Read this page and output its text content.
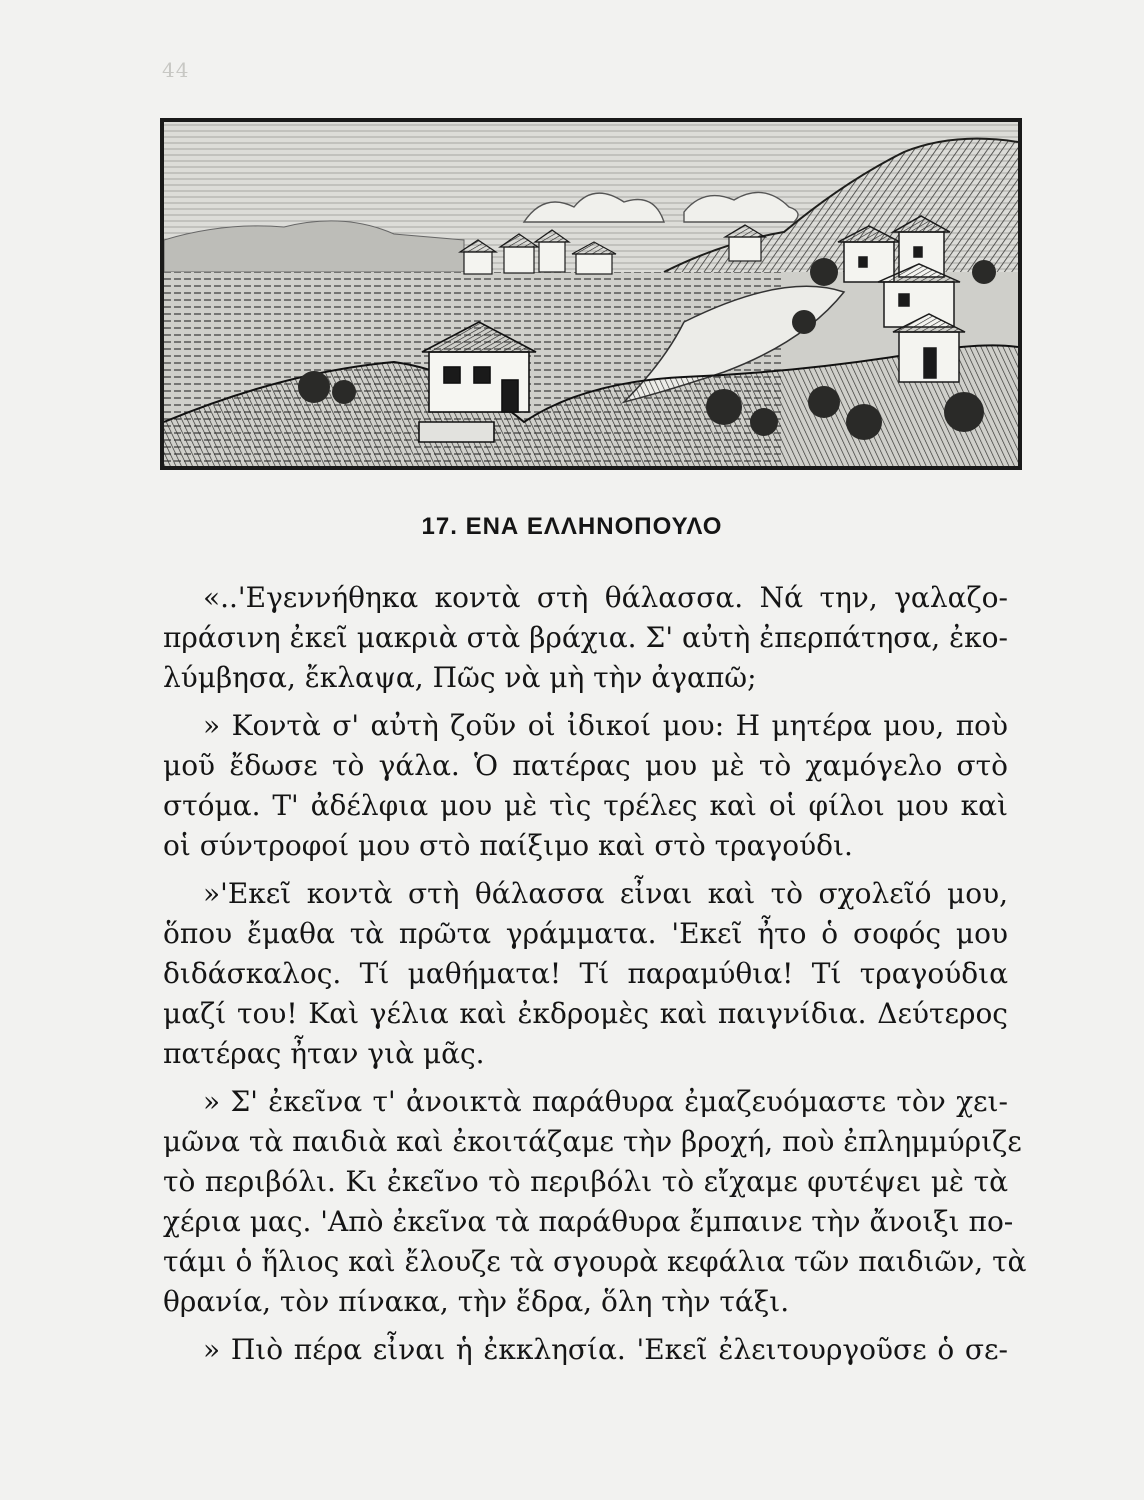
44
17. ΕΝΑ ΕΛΛΗΝΟΠΟΥΛΟ
«..'Εγεννήθηκα κοντὰ στὴ θάλασσα. Νά την, γαλαζο-
πράσινη ἐκεῖ μακριὰ στὰ βράχια. Σ' αὐτὴ ἐπερπάτησα, ἐκο-
λύμβησα, ἔκλαψα, Πῶς νὰ μὴ τὴν ἀγαπῶ;
» Κοντὰ σ' αὐτὴ ζοῦν οἱ ἰδικοί μου: Η μητέρα μου, ποὺ
μοῦ ἔδωσε τὸ γάλα. Ὁ πατέρας μου μὲ τὸ χαμόγελο στὸ
στόμα. Τ' ἀδέλφια μου μὲ τὶς τρέλες καὶ οἱ φίλοι μου καὶ
οἱ σύντροφοί μου στὸ παίξιμο καὶ στὸ τραγούδι.
»'Εκεῖ κοντὰ στὴ θάλασσα εἶναι καὶ τὸ σχολεῖό μου,
ὅπου ἔμαθα τὰ πρῶτα γράμματα. 'Εκεῖ ἦτο ὁ σοφός μου
διδάσκαλος. Τί μαθήματα! Τί παραμύθια! Τί τραγούδια
μαζί του! Καὶ γέλια καὶ ἐκδρομὲς καὶ παιγνίδια. Δεύτερος
πατέρας ἦταν γιὰ μᾶς.
» Σ' ἐκεῖνα τ' ἀνοικτὰ παράθυρα ἐμαζευόμαστε τὸν χει-
μῶνα τὰ παιδιὰ καὶ ἐκοιτάζαμε τὴν βροχή, ποὺ ἐπλημμύριζε
τὸ περιβόλι. Κι ἐκεῖνο τὸ περιβόλι τὸ εἴχαμε φυτέψει μὲ τὰ
χέρια μας. 'Απὸ ἐκεῖνα τὰ παράθυρα ἔμπαινε τὴν ἄνοιξι πο-
τάμι ὁ ἥλιος καὶ ἔλουζε τὰ σγουρὰ κεφάλια τῶν παιδιῶν, τὰ
θρανία, τὸν πίνακα, τὴν ἕδρα, ὅλη τὴν τάξι.
» Πιὸ πέρα εἶναι ἡ ἐκκλησία. 'Εκεῖ ἐλειτουργοῦσε ὁ σε-
